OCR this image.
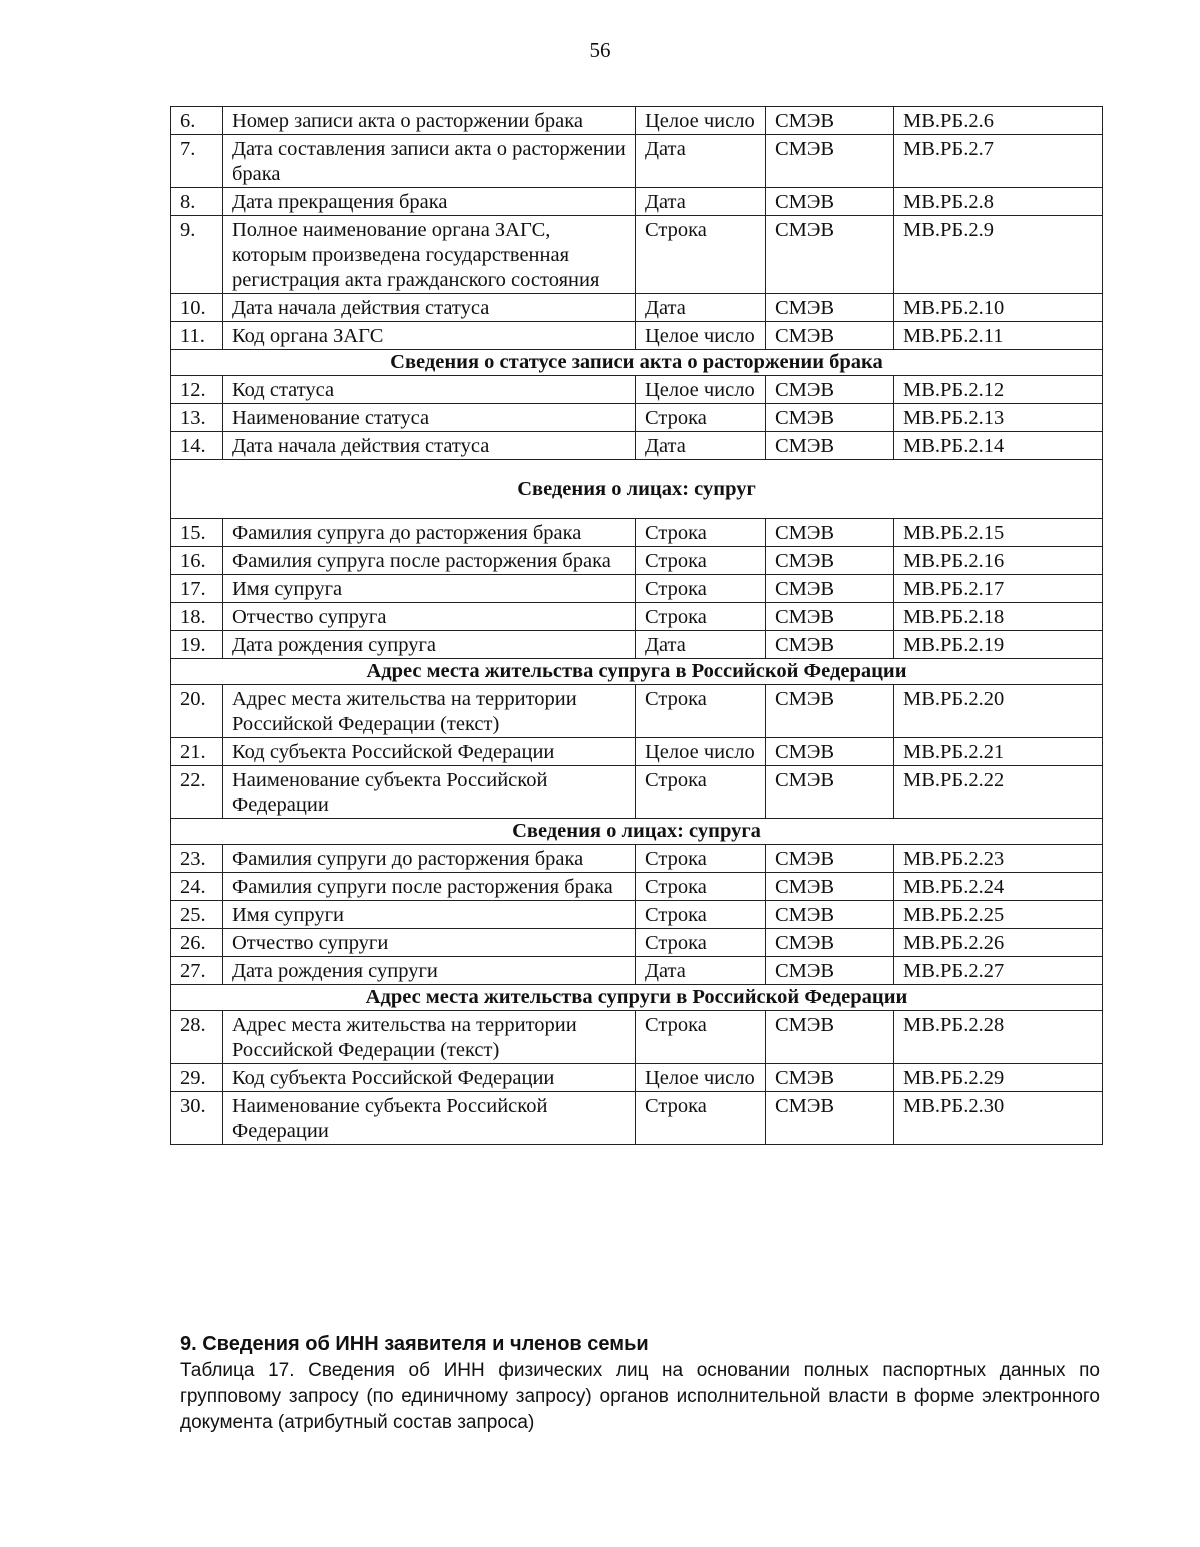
56
6.	Номер записи акта о расторжении брака	Целое число	СМЭВ	МВ.РБ.2.6
7.	Дата составления записи акта о расторжении брака	Дата	СМЭВ	МВ.РБ.2.7
8.	Дата прекращения брака	Дата	СМЭВ	МВ.РБ.2.8
9.	Полное наименование органа ЗАГС, которым произведена государственная регистрация акта гражданского состояния	Строка	СМЭВ	МВ.РБ.2.9
10.	Дата начала действия статуса	Дата	СМЭВ	МВ.РБ.2.10
11.	Код органа ЗАГС	Целое число	СМЭВ	МВ.РБ.2.11
Сведения о статусе записи акта о расторжении брака				
12.	Код статуса	Целое число	СМЭВ	МВ.РБ.2.12
13.	Наименование статуса	Строка	СМЭВ	МВ.РБ.2.13
14.	Дата начала действия статуса	Дата	СМЭВ	МВ.РБ.2.14
Сведения о лицах: супруг				
15.	Фамилия супруга до расторжения брака	Строка	СМЭВ	МВ.РБ.2.15
16.	Фамилия супруга после расторжения брака	Строка	СМЭВ	МВ.РБ.2.16
17.	Имя супруга	Строка	СМЭВ	МВ.РБ.2.17
18.	Отчество супруга	Строка	СМЭВ	МВ.РБ.2.18
19.	Дата рождения супруга	Дата	СМЭВ	МВ.РБ.2.19
Адрес места жительства супруга в Российской Федерации				
20.	Адрес места жительства на территории Российской Федерации (текст)	Строка	СМЭВ	МВ.РБ.2.20
21.	Код субъекта Российской Федерации	Целое число	СМЭВ	МВ.РБ.2.21
22.	Наименование субъекта Российской Федерации	Строка	СМЭВ	МВ.РБ.2.22
Сведения о лицах: супруга				
23.	Фамилия супруги до расторжения брака	Строка	СМЭВ	МВ.РБ.2.23
24.	Фамилия супруги после расторжения брака	Строка	СМЭВ	МВ.РБ.2.24
25.	Имя супруги	Строка	СМЭВ	МВ.РБ.2.25
26.	Отчество супруги	Строка	СМЭВ	МВ.РБ.2.26
27.	Дата рождения супруги	Дата	СМЭВ	МВ.РБ.2.27
Адрес места жительства супруги в Российской Федерации				
28.	Адрес места жительства на территории Российской Федерации (текст)	Строка	СМЭВ	МВ.РБ.2.28
29.	Код субъекта Российской Федерации	Целое число	СМЭВ	МВ.РБ.2.29
30.	Наименование субъекта Российской Федерации	Строка	СМЭВ	МВ.РБ.2.30
9. Сведения об ИНН заявителя и членов семьи
Таблица 17. Сведения об ИНН физических лиц на основании полных паспортных данных по групповому запросу (по единичному запросу) органов исполнительной власти в форме электронного документа (атрибутный состав запроса)
